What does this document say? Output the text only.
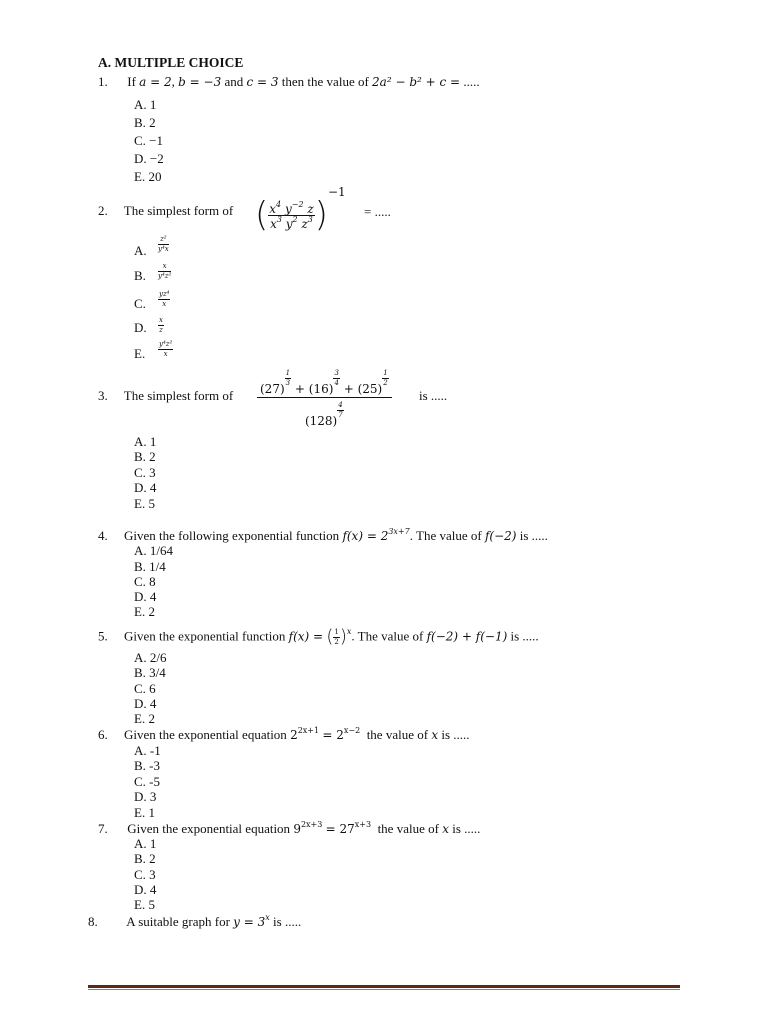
A. MULTIPLE CHOICE
1. If a = 2, b = −3 and c = 3 then the value of 2a² − b² + c = .....
A. 1
B. 2
C. −1
D. −2
E. 20
2. The simplest form of ( $\frac{x^4 y^{-2} z}{x^3 y^2 z^3} )-1$
= .....
A. $\frac{\text{z²}}{\text{y⁴x}}$
B. $\frac{x}{\text{y⁴z²}}$
C. $\frac{\text{yz⁴}}{x}$
D. $\frac{x}{z}$
E. $\frac{\text{y⁴z²}}{x}$
3. The simplest form of (27)
$\frac{1}{3}$
+ (16)
$\frac{3}{4}$
+ (25)
$\frac{1}{2}$
(128)
$\frac{4}{7}$
is .....
A. 1
B. 2
C. 3
D. 4
E. 5
4. Given the following exponential function $f(x) = 2^{3x+7}$. The value of f(−2) is .....
A. 1/64
B. 1/4
C. 8
D. 4
E. 2
5. Given the exponential function f(x) = ( $\frac{1}{2} )^x$. The value of f(−2) + f(−1) is .....
A. 2/6
B. 3/4
C. 6
D. 4
E. 2
6. Given the exponential equation $2^{2x+1} = 2^{x-2}$ the value of x is .....
A. -1
B. -3
C. -5
D. 3
E. 1
7. Given the exponential equation $9^{2x+3} = 27^{x+3}$ the value of x is .....
A. 1
B. 2
C. 3
D. 4
E. 5
8. A suitable graph for $y = 3^x$ is .....
